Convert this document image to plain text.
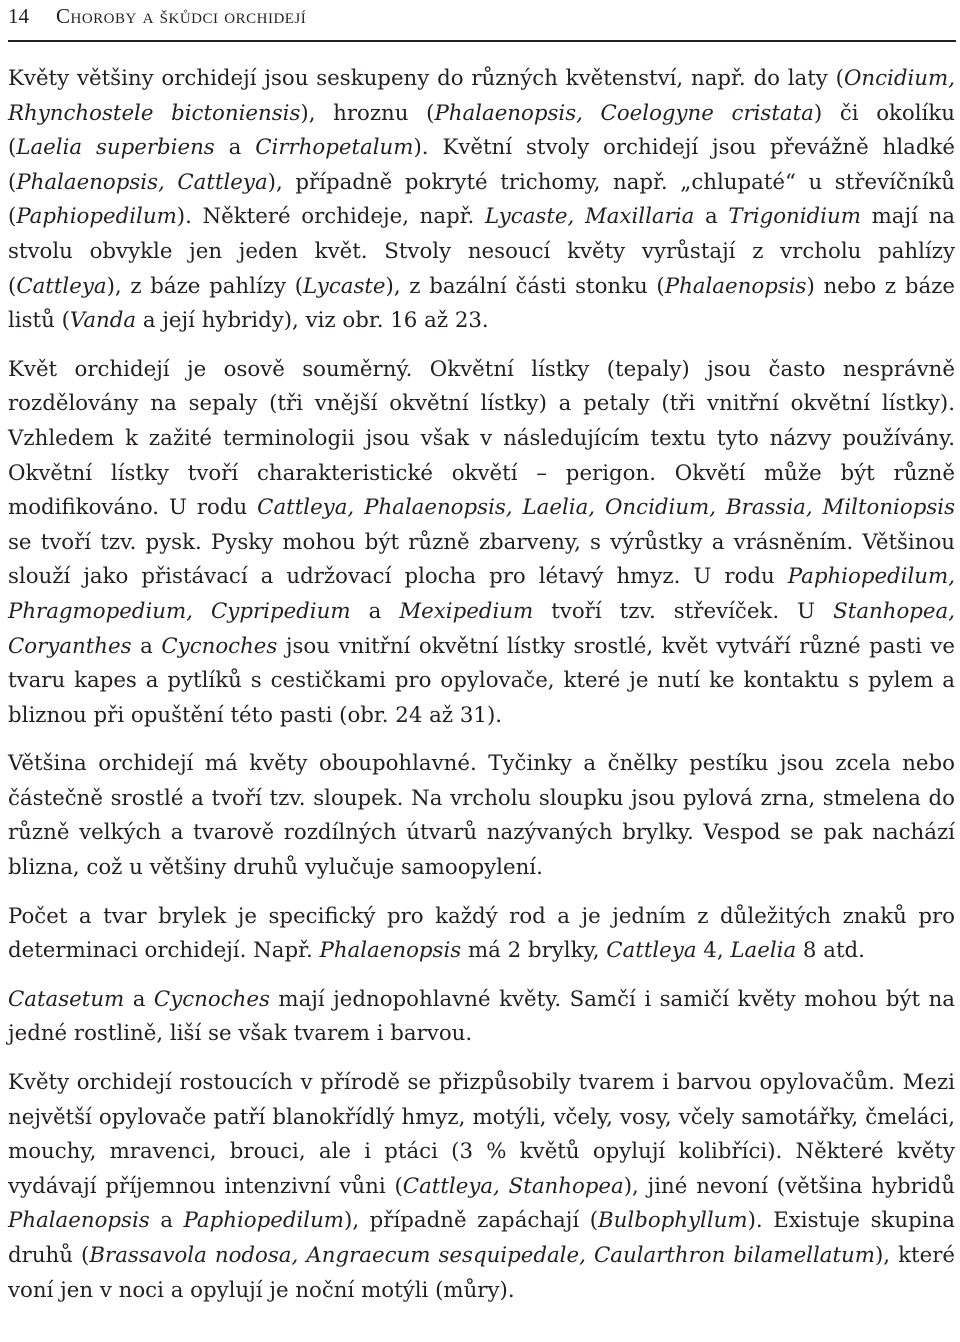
14 Choroby a škůdci orchidejí

Květy většiny orchidejí jsou seskupeny do různých květenství, např. do laty (Oncidium, Rhynchostele bictoniensis), hroznu (Phalaenopsis, Coelogyne cristata) či okolíku (Laelia superbiens a Cirrhopetalum). Květní stvoly orchidejí jsou převážně hladké (Phalaenopsis, Cattleya), případně pokryté trichomy, např. „chlupaté“ u střevíčníků (Paphiopedilum). Některé orchideje, např. Lycaste, Maxillaria a Trigonidium mají na stvolu obvykle jen jeden květ. Stvoly nesoucí květy vyrůstají z vrcholu pahlízy (Cattleya), z báze pahlízy (Lycaste), z bazální části stonku (Phalaenopsis) nebo z báze listů (Vanda a její hybridy), viz obr. 16 až 23.

Květ orchidejí je osově souměrný. Okvětní lístky (tepaly) jsou často nesprávně rozdělovány na sepaly (tři vnější okvětní lístky) a petaly (tři vnitřní okvětní lístky). Vzhledem k zažité terminologii jsou však v následujícím textu tyto názvy používány. Okvětní lístky tvoří charakteristické okvětí – perigon. Okvětí může být různě modifikováno. U rodu Cattleya, Phalaenopsis, Laelia, Oncidium, Brassia, Miltoniopsis se tvoří tzv. pysk. Pysky mohou být různě zbarveny, s výrůstky a vrásněním. Většinou slouží jako přistávací a udržovací plocha pro létavý hmyz. U rodu Paphiopedilum, Phragmopedium, Cypripedium a Mexipedium tvoří tzv. střevíček. U Stanhopea, Coryanthes a Cycnoches jsou vnitřní okvětní lístky srostlé, květ vytváří různé pasti ve tvaru kapes a pytlíků s cestičkami pro opylovače, které je nutí ke kontaktu s pylem a bliznou při opuštění této pasti (obr. 24 až 31).

Většina orchidejí má květy oboupohlavné. Tyčinky a čnělky pestíku jsou zcela nebo částečně srostlé a tvoří tzv. sloupek. Na vrcholu sloupku jsou pylová zrna, stmelena do různě velkých a tvarově rozdílných útvarů nazývaných brylky. Vespod se pak nachází blizna, což u většiny druhů vylučuje samoopylení.

Počet a tvar brylek je specifický pro každý rod a je jedním z důležitých znaků pro determinaci orchidejí. Např. Phalaenopsis má 2 brylky, Cattleya 4, Laelia 8 atd.

Catasetum a Cycnoches mají jednopohlavné květy. Samčí i samičí květy mohou být na jedné rostlině, liší se však tvarem i barvou.

Květy orchidejí rostoucích v přírodě se přizpůsobily tvarem i barvou opylovačům. Mezi největší opylovače patří blanokřídlý hmyz, motýli, včely, vosy, včely samotářky, čmeláci, mouchy, mravenci, brouci, ale i ptáci (3 % květů opylují kolibříci). Některé květy vydávají příjemnou intenzivní vůni (Cattleya, Stanhopea), jiné nevoní (většina hybridů Phalaenopsis a Paphiopedilum), případně zapáchají (Bulbophyllum). Existuje skupina druhů (Brassavola nodosa, Angraecum sesquipedale, Caularthron bilamellatum), které voní jen v noci a opylují je noční motýli (můry).
